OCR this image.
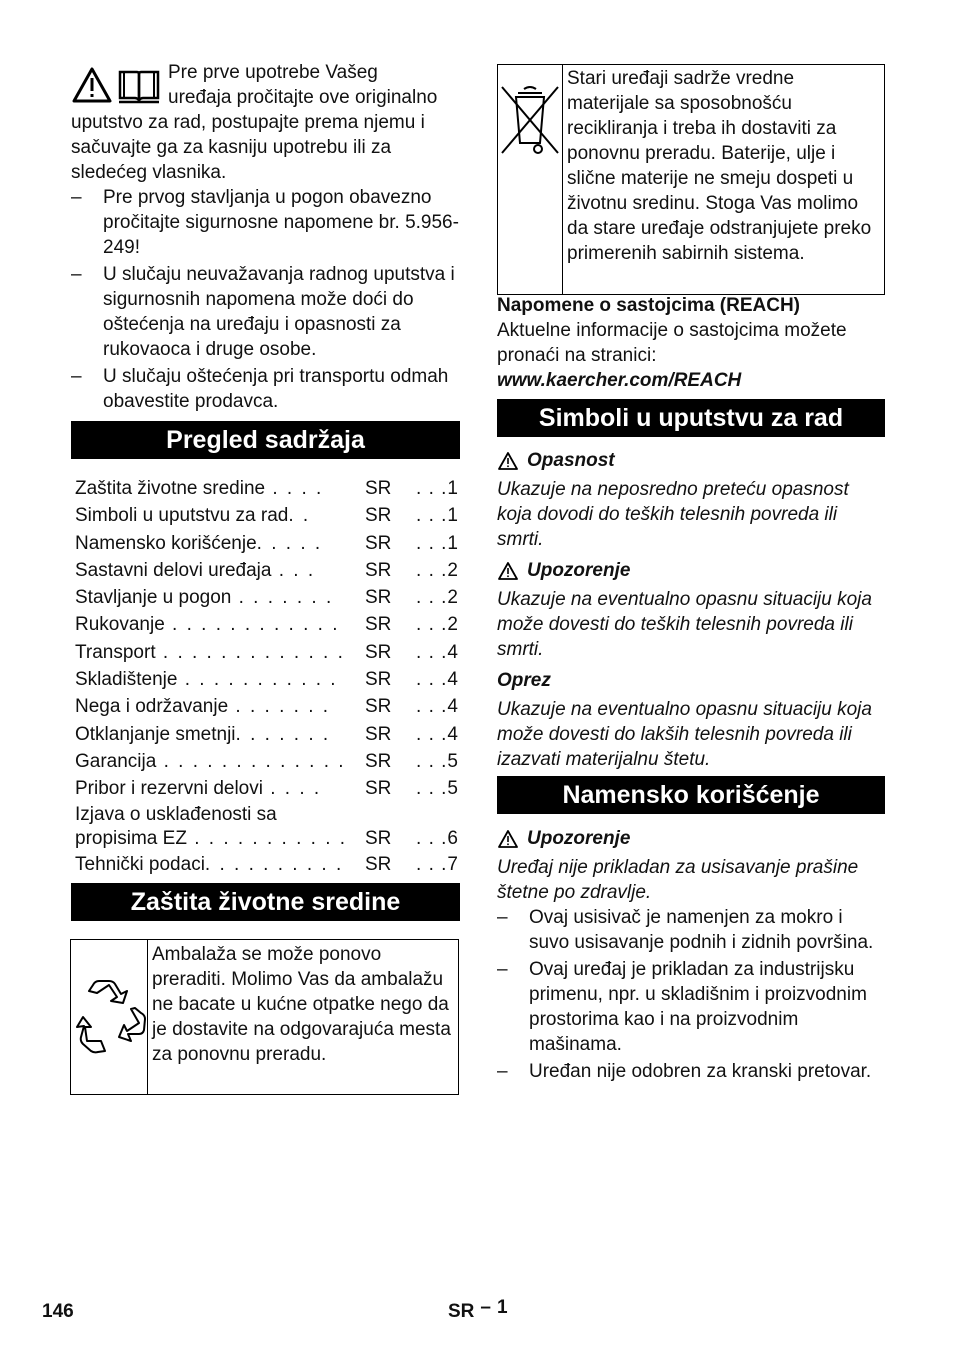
Pre prve upotrebe Vašeg

uređaja pročitajte ove originalno

uputstvo za rad, postupajte prema njemu i

sačuvajte ga za kasniju upotrebu ili za

sledećeg vlasnika.

– Pre prvog stavljanja u pogon obavezno pročitajte sigurnosne napomene br. 5.956-249!

– U slučaju neuvažavanja radnog uputstva i sigurnosnih napomena može doći do oštećenja na uređaju i opasnosti za rukovaoca i druge osobe.

– U slučaju oštećenja pri transportu odmah obavestite prodavca.

Pregled sadržaja
Zaštita životne sredine . . . .	SR	. . .1
Simboli u uputstvu za rad. .	SR	. . .1
Namensko korišćenje. . . . .	SR	. . .1
Sastavni delovi uređaja . . .	SR	. . .2
Stavljanje u pogon . . . . . . .	SR	. . .2
Rukovanje . . . . . . . . . . . .	SR	. . .2
Transport . . . . . . . . . . . . .	SR	. . .4
Skladištenje . . . . . . . . . . .	SR	. . .4
Nega i održavanje . . . . . . .	SR	. . .4
Otklanjanje smetnji. . . . . . .	SR	. . .4
Garancija . . . . . . . . . . . . .	SR	. . .5
Pribor i rezervni delovi . . . .	SR	. . .5
Izjava o usklađenosti sa
propisima EZ . . . . . . . . . . . SR	. . .6
Tehnički podaci. . . . . . . . . .	SR	. . .7
Zaštita životne sredine

Ambalaža se može ponovo preraditi. Molimo Vas da ambalažu ne bacate u kućne otpatke nego da je dostavite na odgovarajuća mesta za ponovnu preradu.

Stari uređaji sadrže vredne materijale sa sposobnošću recikliranja i treba ih dostaviti za ponovnu preradu. Baterije, ulje i slične materije ne smeju dospeti u životnu sredinu. Stoga Vas molimo da stare uređaje odstranjujete preko primerenih sabirnih sistema.

Napomene o sastojcima (REACH)

Aktuelne informacije o sastojcima možete pronaći na stranici:

www.kaercher.com/REACH

Simboli u uputstvu za rad
Opasnost

Ukazuje na neposredno preteću opasnost koja dovodi do teških telesnih povreda ili smrti.

Upozorenje

Ukazuje na eventualno opasnu situaciju koja može dovesti do teških telesnih povreda ili smrti.

Oprez

Ukazuje na eventualno opasnu situaciju koja može dovesti do lakših telesnih povreda ili izazvati materijalnu štetu.

Namensko korišćenje
Upozorenje

Uređaj nije prikladan za usisavanje prašine štetne po zdravlje.

– Ovaj usisivač je namenjen za mokro i suvo usisavanje podnih i zidnih površina.

– Ovaj uređaj je prikladan za industrijsku primenu, npr. u skladišnim i proizvodnim prostorima kao i na proizvodnim mašinama.

– Uređan nije odobren za kranski pretovar.

146	SR – 1
